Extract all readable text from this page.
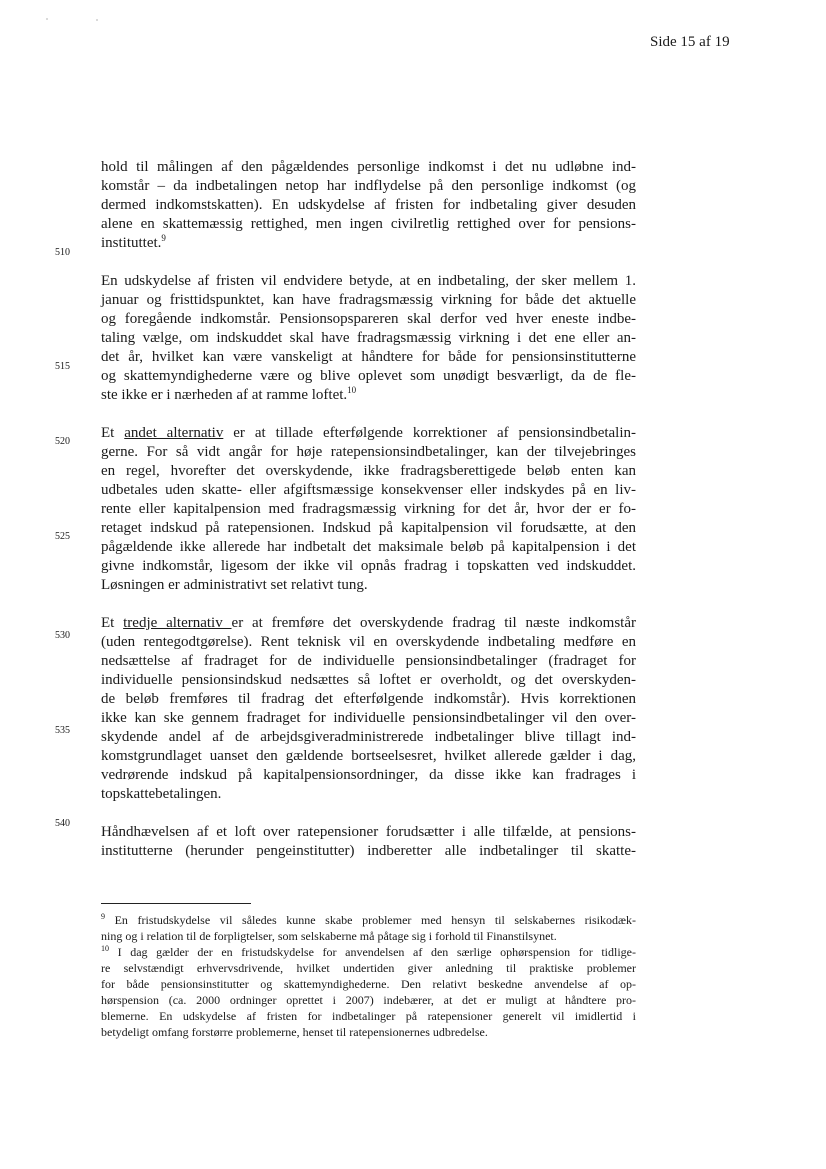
Side 15 af 19
510
515
520
525
530
535
540
hold til målingen af den pågældendes personlige indkomst i det nu udløbne ind-
komstår – da indbetalingen netop har indflydelse på den personlige indkomst (og
dermed indkomstskatten). En udskydelse af fristen for indbetaling giver desuden
alene en skattemæssig rettighed, men ingen civilretlig rettighed over for pensions-
instituttet.$^9$
En udskydelse af fristen vil endvidere betyde, at en indbetaling, der sker mellem 1.
januar og fristtidspunktet, kan have fradragsmæssig virkning for både det aktuelle
og foregående indkomstår. Pensionsopspareren skal derfor ved hver eneste indbe-
taling vælge, om indskuddet skal have fradragsmæssig virkning i det ene eller an-
det år, hvilket kan være vanskeligt at håndtere for både for pensionsinstitutterne
og skattemyndighederne være og blive oplevet som unødigt besværligt, da de fle-
ste ikke er i nærheden af at ramme loftet.$^{10}$
Et andet alternativ er at tillade efterfølgende korrektioner af pensionsindbetalin-
gerne. For så vidt angår for høje ratepensionsindbetalinger, kan der tilvejebringes
en regel, hvorefter det overskydende, ikke fradragsberettigede beløb enten kan
udbetales uden skatte- eller afgiftsmæssige konsekvenser eller indskydes på en liv-
rente eller kapitalpension med fradragsmæssig virkning for det år, hvor der er fo-
retaget indskud på ratepensionen. Indskud på kapitalpension vil forudsætte, at den
pågældende ikke allerede har indbetalt det maksimale beløb på kapitalpension i det
givne indkomstår, ligesom der ikke vil opnås fradrag i topskatten ved indskuddet.
Løsningen er administrativt set relativt tung.
Et tredje alternativ er at fremføre det overskydende fradrag til næste indkomstår
(uden rentegodtgørelse). Rent teknisk vil en overskydende indbetaling medføre en
nedsættelse af fradraget for de individuelle pensionsindbetalinger (fradraget for
individuelle pensionsindskud nedsættes så loftet er overholdt, og det overskyden-
de beløb fremføres til fradrag det efterfølgende indkomstår). Hvis korrektionen
ikke kan ske gennem fradraget for individuelle pensionsindbetalinger vil den over-
skydende andel af de arbejdsgiveradministrerede indbetalinger blive tillagt ind-
komstgrundlaget uanset den gældende bortseelsesret, hvilket allerede gælder i dag,
vedrørende indskud på kapitalpensionsordninger, da disse ikke kan fradrages i
topskattebetalingen.
Håndhævelsen af et loft over ratepensioner forudsætter i alle tilfælde, at pensions-
institutterne (herunder pengeinstitutter) indberetter alle indbetalinger til skatte-
$^9$ En fristudskydelse vil således kunne skabe problemer med hensyn til selskabernes risikodæk-
ning og i relation til de forpligtelser, som selskaberne må påtage sig i forhold til Finanstilsynet.
$^{10}$ I dag gælder der en fristudskydelse for anvendelsen af den særlige ophørspension for tidlige-
re selvstændigt erhvervsdrivende, hvilket undertiden giver anledning til praktiske problemer
for både pensionsinstitutter og skattemyndighederne. Den relativt beskedne anvendelse af op-
hørspension (ca. 2000 ordninger oprettet i 2007) indebærer, at det er muligt at håndtere pro-
blemerne. En udskydelse af fristen for indbetalinger på ratepensioner generelt vil imidlertid i
betydeligt omfang forstørre problemerne, henset til ratepensionernes udbredelse.
